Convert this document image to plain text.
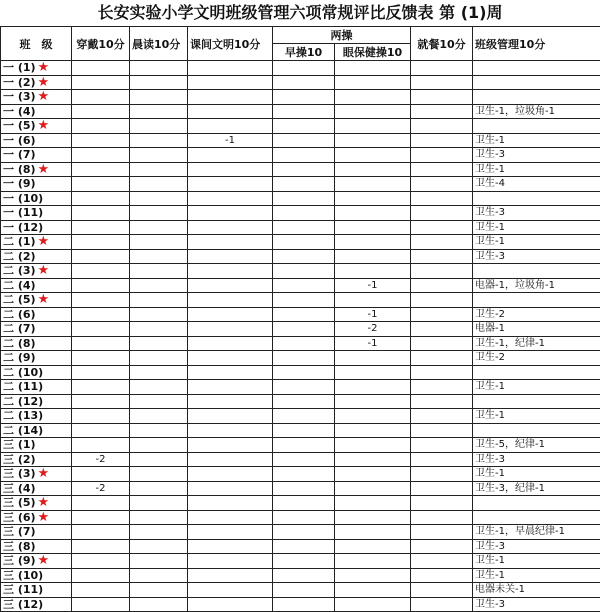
长安实验小学文明班级管理六项常规评比反馈表 第 (1)周
班　级	穿戴10分	晨读10分	课间文明10分	两操		就餐10分	班级管理10分
				早操10	眼保健操10		
一 (1) ★							
一 (2) ★							
一 (3) ★							
一 (4)							卫生-1，垃圾角-1
一 (5) ★							
一 (6)			-1				卫生-1
一 (7)							卫生-3
一 (8) ★							卫生-1
一 (9)							卫生-4
一 (10)							
一 (11)							卫生-3
一 (12)							卫生-1
二 (1) ★							卫生-1
二 (2)							卫生-3
二 (3) ★							
二 (4)					-1		电器-1，垃圾角-1
二 (5) ★							
二 (6)					-1		卫生-2
二 (7)					-2		电器-1
二 (8)					-1		卫生-1，纪律-1
二 (9)							卫生-2
二 (10)							
二 (11)							卫生-1
二 (12)							
二 (13)							卫生-1
二 (14)							
三 (1)							卫生-5，纪律-1
三 (2)	-2						卫生-3
三 (3) ★							卫生-1
三 (4)	-2						卫生-3，纪律-1
三 (5) ★							
三 (6) ★							
三 (7)							卫生-1，早晨纪律-1
三 (8)							卫生-3
三 (9) ★							卫生-1
三 (10)							卫生-1
三 (11)							电器未关-1
三 (12)							卫生-3
